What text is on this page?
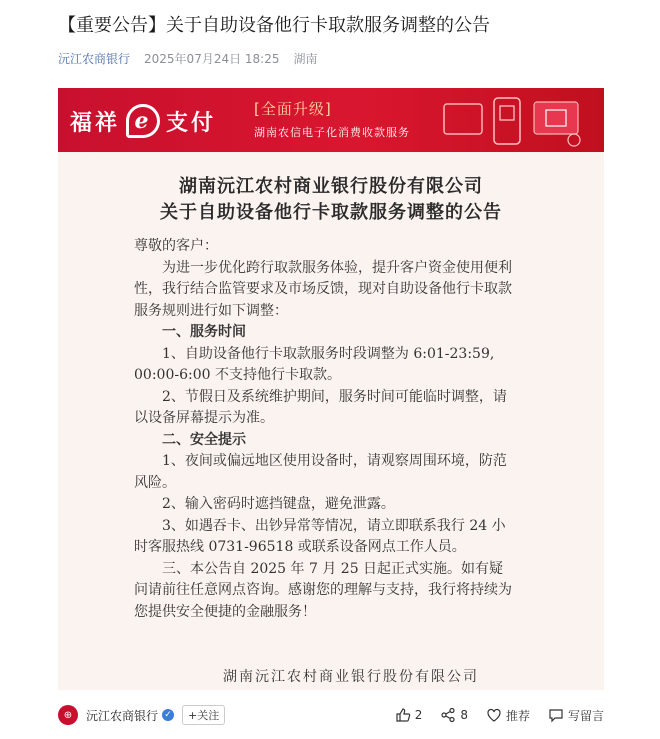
【重要公告】关于自助设备他行卡取款服务调整的公告
沅江农商银行 2025年07月24日 18:25 湖南
福祥 e 支付
[全面升级]
湖南农信电子化消费收款服务
湖南沅江农村商业银行股份有限公司
关于自助设备他行卡取款服务调整的公告

尊敬的客户：

为进一步优化跨行取款服务体验，提升客户资金使用便利性，我行结合监管要求及市场反馈，现对自助设备他行卡取款服务规则进行如下调整：

一、服务时间

1、自助设备他行卡取款服务时段调整为 6:01-23:59, 00:00-6:00 不支持他行卡取款。

2、节假日及系统维护期间，服务时间可能临时调整，请以设备屏幕提示为准。

二、安全提示

1、夜间或偏远地区使用设备时，请观察周围环境，防范风险。

2、输入密码时遮挡键盘，避免泄露。

3、如遇吞卡、出钞异常等情况，请立即联系我行 24 小时客服热线 0731-96518 或联系设备网点工作人员。

三、本公告自 2025 年 7 月 25 日起正式实施。如有疑问请前往任意网点咨询。感谢您的理解与支持，我行将持续为您提供安全便捷的金融服务！

湖南沅江农村商业银行股份有限公司
⊕	沅江农商银行 ✓	+关注	2	8	推荐	写留言
